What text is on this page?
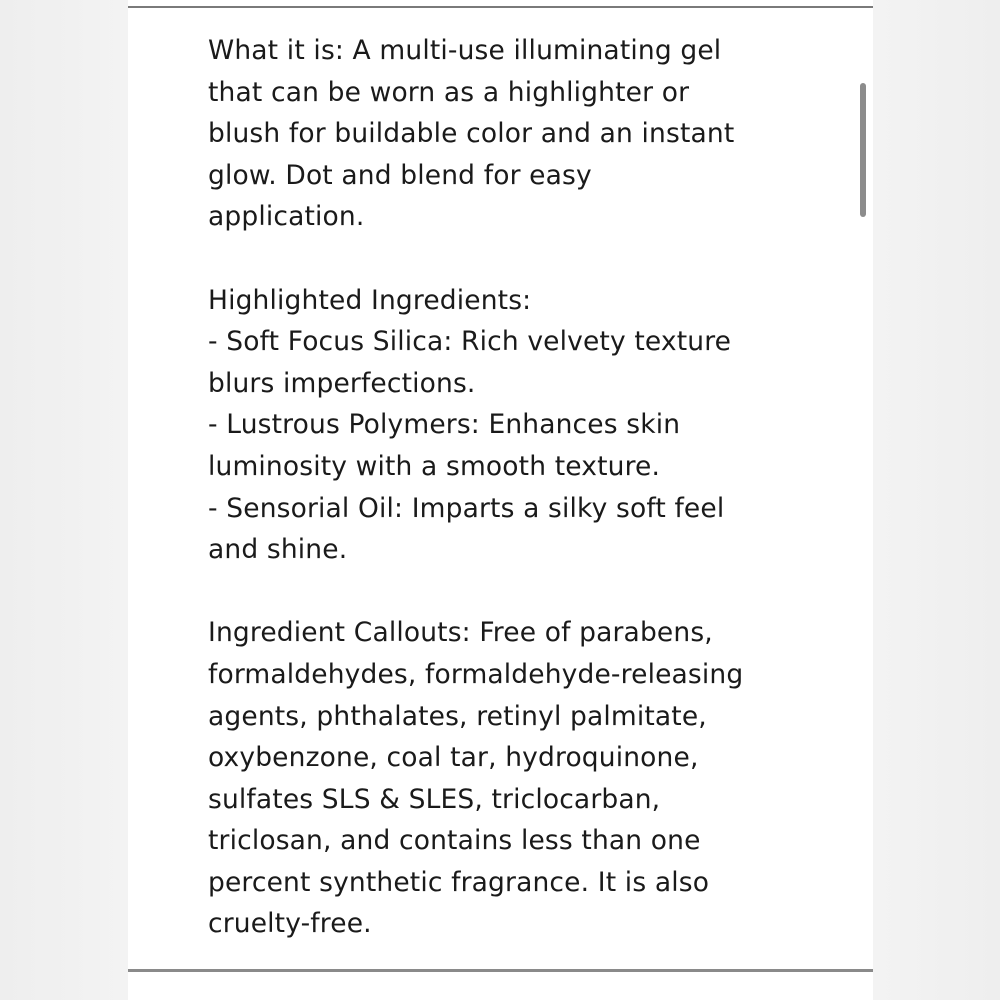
What it is: A multi-use illuminating gel
that can be worn as a highlighter or
blush for buildable color and an instant
glow. Dot and blend for easy
application.
Highlighted Ingredients:
- Soft Focus Silica: Rich velvety texture
blurs imperfections.
- Lustrous Polymers: Enhances skin
luminosity with a smooth texture.
- Sensorial Oil: Imparts a silky soft feel
and shine.
Ingredient Callouts: Free of parabens,
formaldehydes, formaldehyde-releasing
agents, phthalates, retinyl palmitate,
oxybenzone, coal tar, hydroquinone,
sulfates SLS & SLES, triclocarban,
triclosan, and contains less than one
percent synthetic fragrance. It is also
cruelty-free.
